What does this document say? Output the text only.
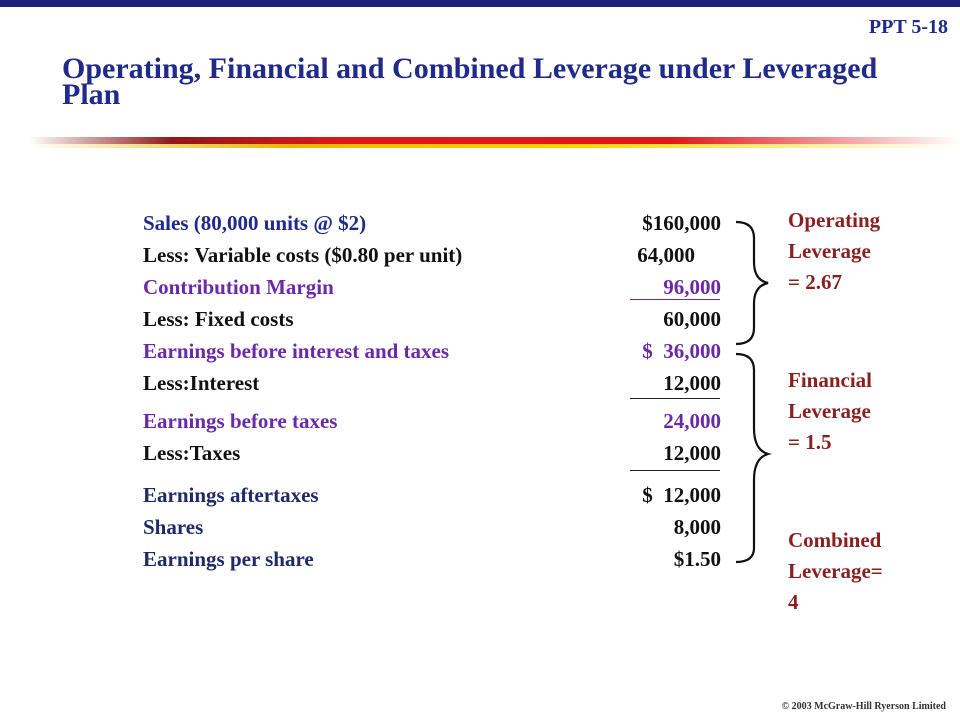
PPT 5-18
Operating, Financial and Combined Leverage under Leveraged Plan
Sales (80,000 units @ $2)	$160,000
Less: Variable costs ($0.80 per unit)	64,000
Contribution Margin	96,000
Less: Fixed costs	60,000
Earnings before interest and taxes	$  36,000
Less:Interest	12,000
Earnings before taxes	24,000
Less:Taxes	12,000
Earnings aftertaxes	$  12,000
Shares	8,000
Earnings per share	$1.50
Operating
Leverage
= 2.67
Financial
Leverage
= 1.5
Combined
Leverage=
4
© 2003 McGraw-Hill Ryerson Limited
